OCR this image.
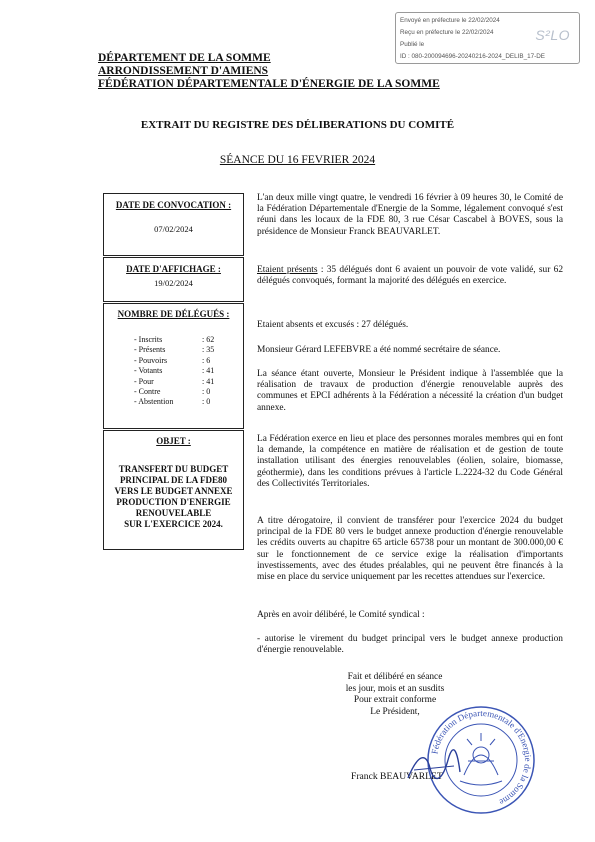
Envoyé en préfecture le 22/02/2024
Reçu en préfecture le 22/02/2024
Publié le
ID : 080-200094696-20240216-2024_DELIB_17-DE
S²LO
DÉPARTEMENT DE LA SOMME
ARRONDISSEMENT D'AMIENS
FÉDÉRATION DÉPARTEMENTALE D'ÉNERGIE DE LA SOMME
EXTRAIT DU REGISTRE DES DÉLIBERATIONS DU COMITÉ
SÉANCE DU 16 FEVRIER 2024
DATE DE CONVOCATION :
07/02/2024
DATE D'AFFICHAGE :
19/02/2024
NOMBRE DE DÉLÉGUÉS :
- Inscrits	: 62
- Présents	: 35
- Pouvoirs	: 6
- Votants	: 41
- Pour	: 41
- Contre	: 0
- Abstention	: 0
OBJET :
TRANSFERT DU BUDGET
PRINCIPAL DE LA FDE80
VERS LE BUDGET ANNEXE
PRODUCTION D'ENERGIE
RENOUVELABLE
SUR L'EXERCICE 2024.

L'an deux mille vingt quatre, le vendredi 16 février à 09 heures 30, le Comité de la Fédération Départementale d'Energie de la Somme, légalement convoqué s'est réuni dans les locaux de la FDE 80, 3 rue César Cascabel à BOVES, sous la présidence de Monsieur Franck BEAUVARLET.

Etaient présents : 35 délégués dont 6 avaient un pouvoir de vote validé, sur 62 délégués convoqués, formant la majorité des délégués en exercice.

Etaient absents et excusés : 27 délégués.

Monsieur Gérard LEFEBVRE a été nommé secrétaire de séance.

La séance étant ouverte, Monsieur le Président indique à l'assemblée que la réalisation de travaux de production d'énergie renouvelable auprès des communes et EPCI adhérents à la Fédération a nécessité la création d'un budget annexe.

La Fédération exerce en lieu et place des personnes morales membres qui en font la demande, la compétence en matière de réalisation et de gestion de toute installation utilisant des énergies renouvelables (éolien, solaire, biomasse, géothermie), dans les conditions prévues à l'article L.2224-32 du Code Général des Collectivités Territoriales.

A titre dérogatoire, il convient de transférer pour l'exercice 2024 du budget principal de la FDE 80 vers le budget annexe production d'énergie renouvelable les crédits ouverts au chapitre 65 article 65738 pour un montant de 300.000,00 € sur le fonctionnement de ce service exige la réalisation d'importants investissements, avec des études préalables, qui ne peuvent être financés à la mise en place du service uniquement par les recettes attendues sur l'exercice.

Après en avoir délibéré, le Comité syndical :

- autorise le virement du budget principal vers le budget annexe production d'énergie renouvelable.

Fait et délibéré en séance
les jour, mois et an susdits
Pour extrait conforme
Le Président,
Fédération Départementale d'Energie de la Somme
Franck BEAUVARLET
